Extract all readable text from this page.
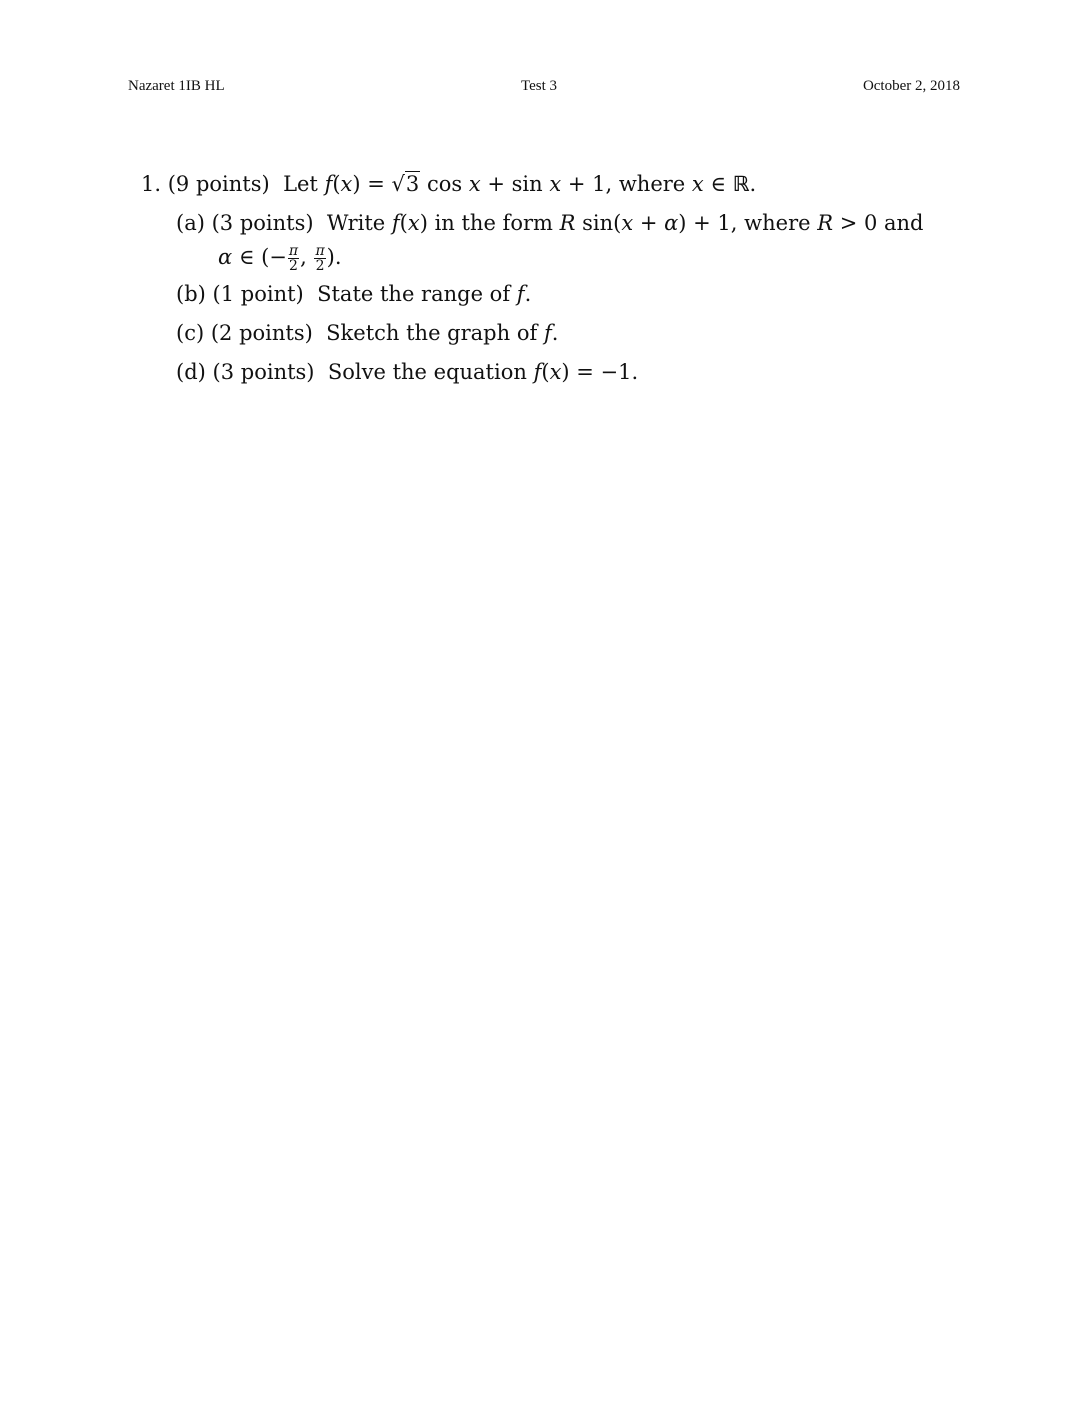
Nazaret 1IB HL	Test 3	October 2, 2018
1. (9 points) Let f(x) = √3 cos x + sin x + 1, where x ∈ ℝ.
(a) (3 points) Write f(x) in the form R sin(x + α) + 1, where R > 0 and
α ∈ (− $\frac{\pi}{2}$ , $\frac{\pi}{2}$ ).
(b) (1 point) State the range of f.
(c) (2 points) Sketch the graph of f.
(d) (3 points) Solve the equation f(x) = −1.
